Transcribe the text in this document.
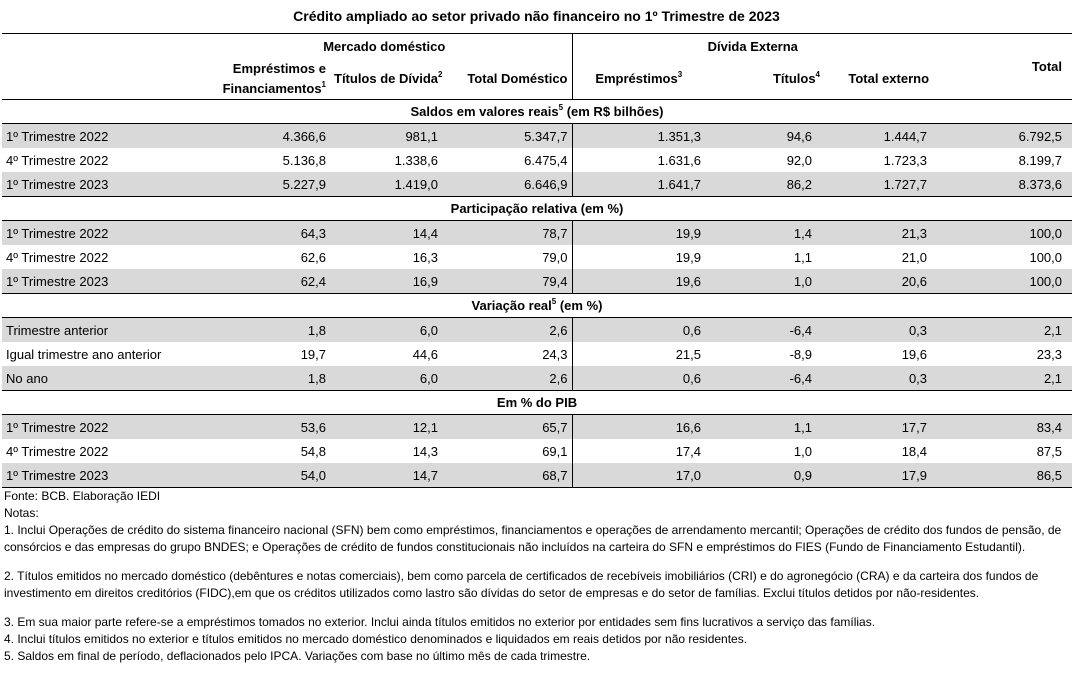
Crédito ampliado ao setor privado não financeiro no 1º Trimestre de 2023
	Mercado doméstico			Dívida Externa			Total

	Empréstimos e
Financiamentos$^1$	Títulos de Dívida$^2$	Total Doméstico	Empréstimos$^3$	Títulos$^4$	Total externo	
Saldos em valores reais$^5$ (em R$ bilhões)							
1º Trimestre 2022	4.366,6	981,1	5.347,7	1.351,3	94,6	1.444,7	6.792,5
4º Trimestre 2022	5.136,8	1.338,6	6.475,4	1.631,6	92,0	1.723,3	8.199,7
1º Trimestre 2023	5.227,9	1.419,0	6.646,9	1.641,7	86,2	1.727,7	8.373,6
Participação relativa (em %)							
1º Trimestre 2022	64,3	14,4	78,7	19,9	1,4	21,3	100,0
4º Trimestre 2022	62,6	16,3	79,0	19,9	1,1	21,0	100,0
1º Trimestre 2023	62,4	16,9	79,4	19,6	1,0	20,6	100,0
Variação real$^5$ (em %)							
Trimestre anterior	1,8	6,0	2,6	0,6	-6,4	0,3	2,1
Igual trimestre ano anterior	19,7	44,6	24,3	21,5	-8,9	19,6	23,3
No ano	1,8	6,0	2,6	0,6	-6,4	0,3	2,1
Em % do PIB							
1º Trimestre 2022	53,6	12,1	65,7	16,6	1,1	17,7	83,4
4º Trimestre 2022	54,8	14,3	69,1	17,4	1,0	18,4	87,5
1º Trimestre 2023	54,0	14,7	68,7	17,0	0,9	17,9	86,5

Fonte: BCB. Elaboração IEDI

Notas:

1. Inclui Operações de crédito do sistema financeiro nacional (SFN) bem como empréstimos, financiamentos e operações de arrendamento mercantil; Operações de crédito dos fundos de pensão, de consórcios e das empresas do grupo BNDES; e Operações de crédito de fundos constitucionais não incluídos na carteira do SFN e empréstimos do FIES (Fundo de Financiamento Estudantil).

2. Títulos emitidos no mercado doméstico (debêntures e notas comerciais), bem como parcela de certificados de recebíveis imobiliários (CRI) e do agronegócio (CRA) e da carteira dos fundos de investimento em direitos creditórios (FIDC),em que os créditos utilizados como lastro são dívidas do setor de empresas e do setor de famílias. Exclui títulos detidos por não-residentes.

3. Em sua maior parte refere-se a empréstimos tomados no exterior. Inclui ainda títulos emitidos no exterior por entidades sem fins lucrativos a serviço das famílias.

4. Inclui títulos emitidos no exterior e títulos emitidos no mercado doméstico denominados e liquidados em reais detidos por não residentes.

5. Saldos em final de período, deflacionados pelo IPCA. Variações com base no último mês de cada trimestre.
